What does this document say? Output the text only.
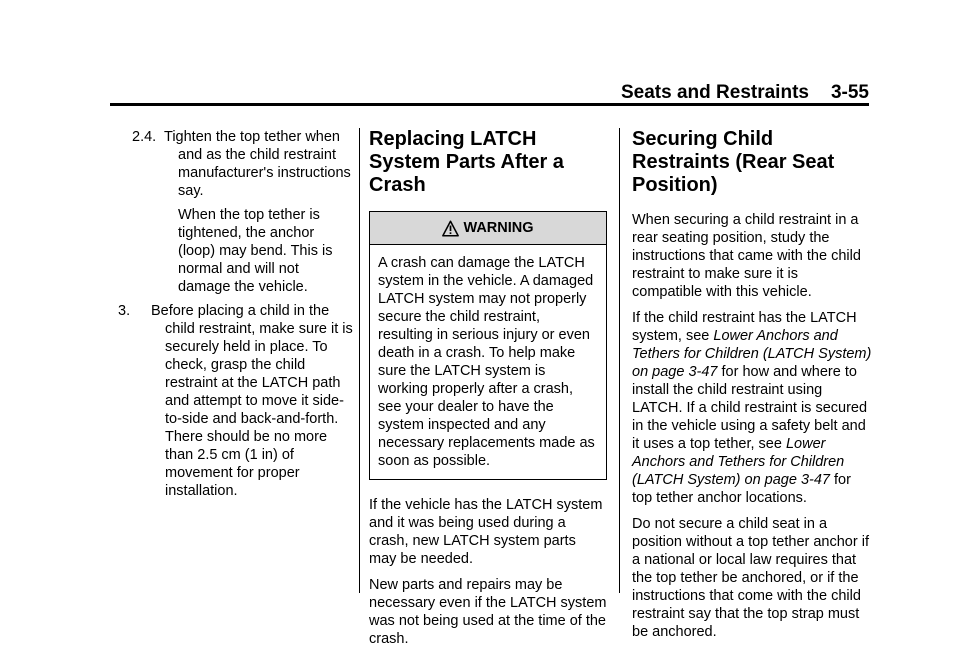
Seats and Restraints 3-55
2.4. Tighten the top tether when
and as the child restraint manufacturer's instructions say.

When the top tether is tightened, the anchor (loop) may bend. This is normal and will not damage the vehicle.

3. Before placing a child in the
child restraint, make sure it is securely held in place. To check, grasp the child restraint at the LATCH path and attempt to move it side-to-side and back-and-forth. There should be no more than 2.5 cm (1 in) of movement for proper installation.
Replacing LATCH System Parts After a Crash
WARNING
A crash can damage the LATCH system in the vehicle. A damaged LATCH system may not properly secure the child restraint, resulting in serious injury or even death in a crash. To help make sure the LATCH system is working properly after a crash, see your dealer to have the system inspected and any necessary replacements made as soon as possible.

If the vehicle has the LATCH system and it was being used during a crash, new LATCH system parts may be needed.

New parts and repairs may be necessary even if the LATCH system was not being used at the time of the crash.

Securing Child Restraints (Rear Seat Position)

When securing a child restraint in a rear seating position, study the instructions that came with the child restraint to make sure it is compatible with this vehicle.

If the child restraint has the LATCH system, see Lower Anchors and Tethers for Children (LATCH System) on page 3-47 for how and where to install the child restraint using LATCH. If a child restraint is secured in the vehicle using a safety belt and it uses a top tether, see Lower Anchors and Tethers for Children (LATCH System) on page 3-47 for top tether anchor locations.

Do not secure a child seat in a position without a top tether anchor if a national or local law requires that the top tether be anchored, or if the instructions that come with the child restraint say that the top strap must be anchored.
